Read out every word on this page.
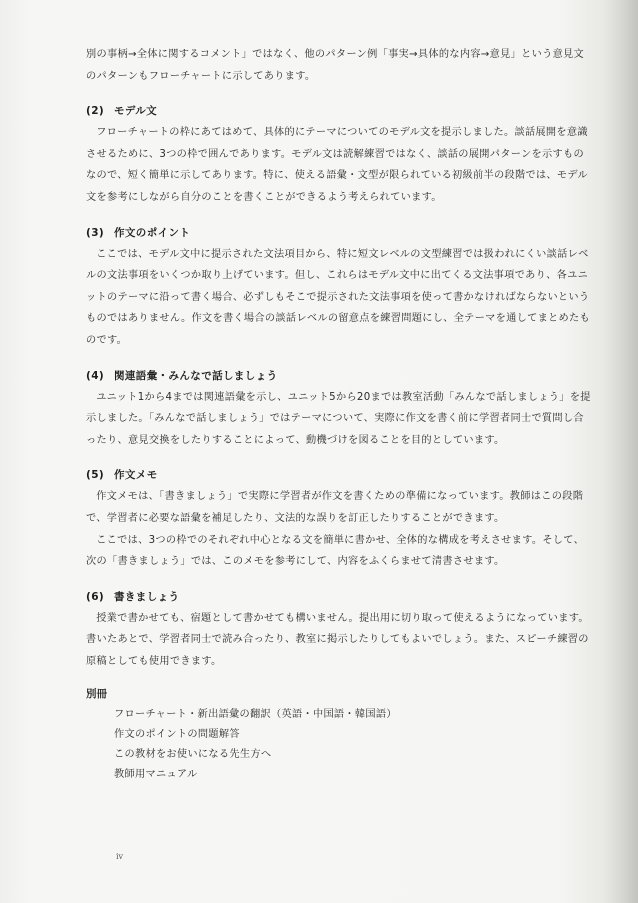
別の事柄→全体に関するコメント」ではなく、他のパターン例「事実→具体的な内容→意見」という意見文のパターンもフローチャートに示してあります。

(2) モデル文

フローチャートの枠にあてはめて、具体的にテーマについてのモデル文を提示しました。談話展開を意識させるために、3つの枠で囲んであります。モデル文は読解練習ではなく、談話の展開パターンを示すものなので、短く簡単に示してあります。特に、使える語彙・文型が限られている初級前半の段階では、モデル文を参考にしながら自分のことを書くことができるよう考えられています。

(3) 作文のポイント

ここでは、モデル文中に提示された文法項目から、特に短文レベルの文型練習では扱われにくい談話レベルの文法事項をいくつか取り上げています。但し、これらはモデル文中に出てくる文法事項であり、各ユニットのテーマに沿って書く場合、必ずしもそこで提示された文法事項を使って書かなければならないというものではありません。作文を書く場合の談話レベルの留意点を練習問題にし、全テーマを通してまとめたものです。

(4) 関連語彙・みんなで話しましょう

ユニット1から4までは関連語彙を示し、ユニット5から20までは教室活動「みんなで話しましょう」を提示しました。「みんなで話しましょう」ではテーマについて、実際に作文を書く前に学習者同士で質問し合ったり、意見交換をしたりすることによって、動機づけを図ることを目的としています。

(5) 作文メモ

作文メモは、「書きましょう」で実際に学習者が作文を書くための準備になっています。教師はこの段階で、学習者に必要な語彙を補足したり、文法的な誤りを訂正したりすることができます。

ここでは、3つの枠でのそれぞれ中心となる文を簡単に書かせ、全体的な構成を考えさせます。そして、次の「書きましょう」では、このメモを参考にして、内容をふくらませて清書させます。

(6) 書きましょう

授業で書かせても、宿題として書かせても構いません。提出用に切り取って使えるようになっています。書いたあとで、学習者同士で読み合ったり、教室に掲示したりしてもよいでしょう。また、スピーチ練習の原稿としても使用できます。

別冊
フローチャート・新出語彙の翻訳（英語・中国語・韓国語）
作文のポイントの問題解答
この教材をお使いになる先生方へ
教師用マニュアル
iv
